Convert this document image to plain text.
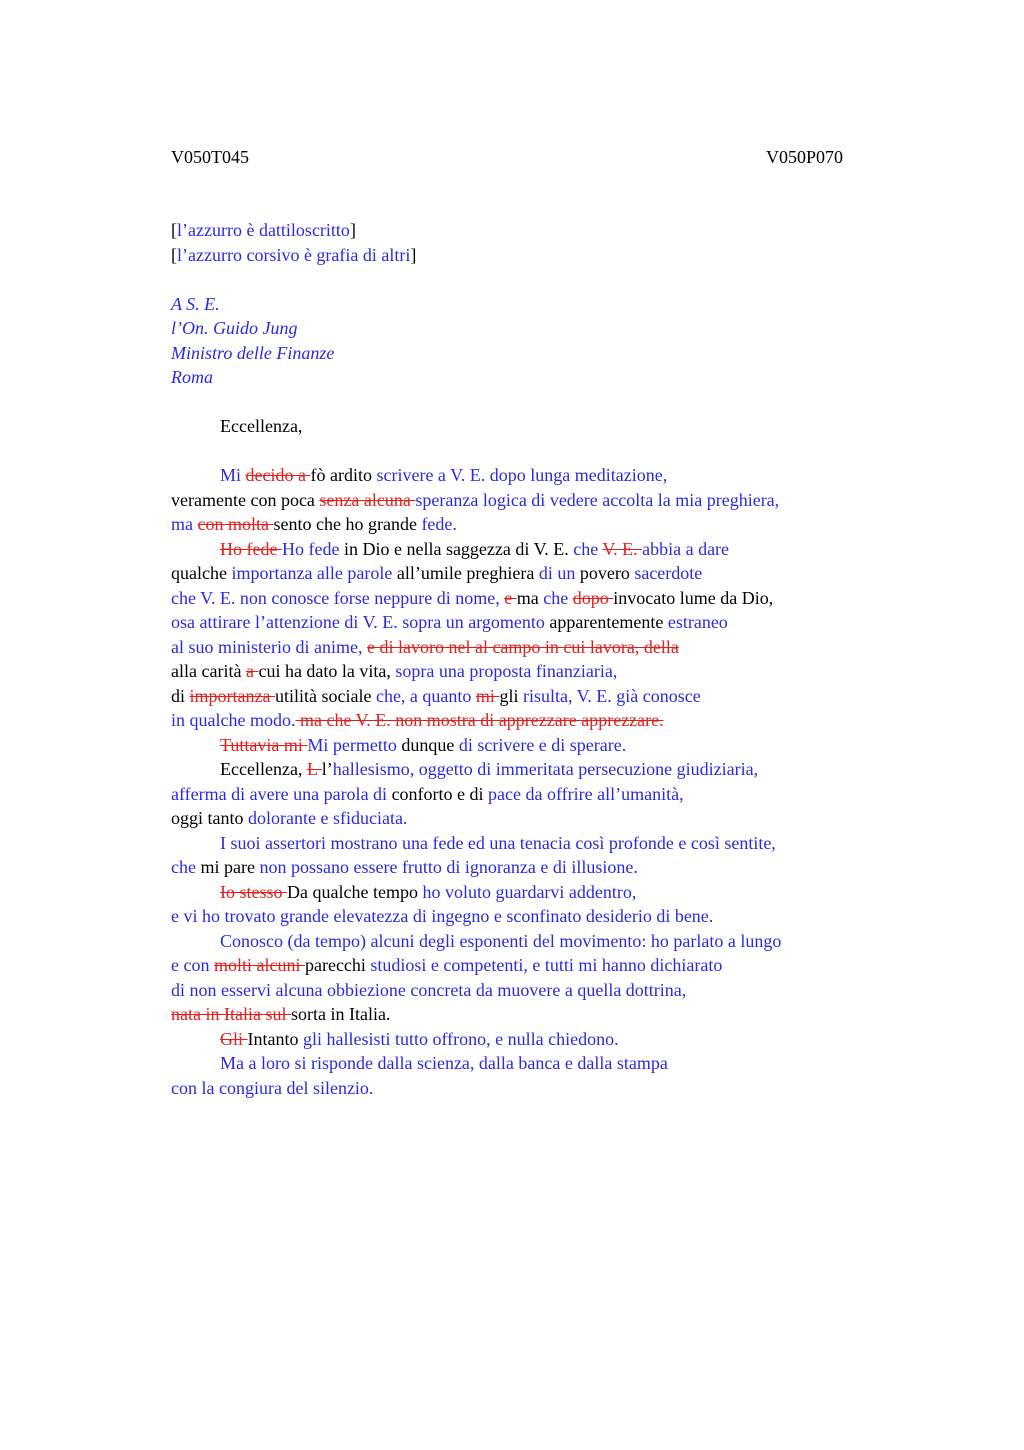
V050T045	V050P070
[l’azzurro è dattiloscritto]
[l’azzurro corsivo è grafia di altri]
A S. E.
l’On. Guido Jung
Ministro delle Finanze
Roma
Eccellenza,
Mi decido a fò ardito scrivere a V. E. dopo lunga meditazione,
veramente con poca senza alcuna speranza logica di vedere accolta la mia preghiera,
ma con molta sento che ho grande fede.
Ho fede Ho fede in Dio e nella saggezza di V. E. che V. E. abbia a dare
qualche importanza alle parole all’umile preghiera di un povero sacerdote
che V. E. non conosce forse neppure di nome, e ma che dopo invocato lume da Dio,
osa attirare l’attenzione di V. E. sopra un argomento apparentemente estraneo
al suo ministerio di anime, e di lavoro nel al campo in cui lavora, della
alla carità a cui ha dato la vita, sopra una proposta finanziaria,
di importanza utilità sociale che, a quanto mi gli risulta, V. E. già conosce
in qualche modo. ma che V. E. non mostra di apprezzare apprezzare.
Tuttavia mi Mi permetto dunque di scrivere e di sperare.
Eccellenza, L l’hallesismo, oggetto di immeritata persecuzione giudiziaria,
afferma di avere una parola di conforto e di pace da offrire all’umanità,
oggi tanto dolorante e sfiduciata.
I suoi assertori mostrano una fede ed una tenacia così profonde e così sentite,
che mi pare non possano essere frutto di ignoranza e di illusione.
Io stesso Da qualche tempo ho voluto guardarvi addentro,
e vi ho trovato grande elevatezza di ingegno e sconfinato desiderio di bene.
Conosco (da tempo) alcuni degli esponenti del movimento: ho parlato a lungo
e con molti alcuni parecchi studiosi e competenti, e tutti mi hanno dichiarato
di non esservi alcuna obbiezione concreta da muovere a quella dottrina,
nata in Italia sul sorta in Italia.
Gli Intanto gli hallesisti tutto offrono, e nulla chiedono.
Ma a loro si risponde dalla scienza, dalla banca e dalla stampa
con la congiura del silenzio.
